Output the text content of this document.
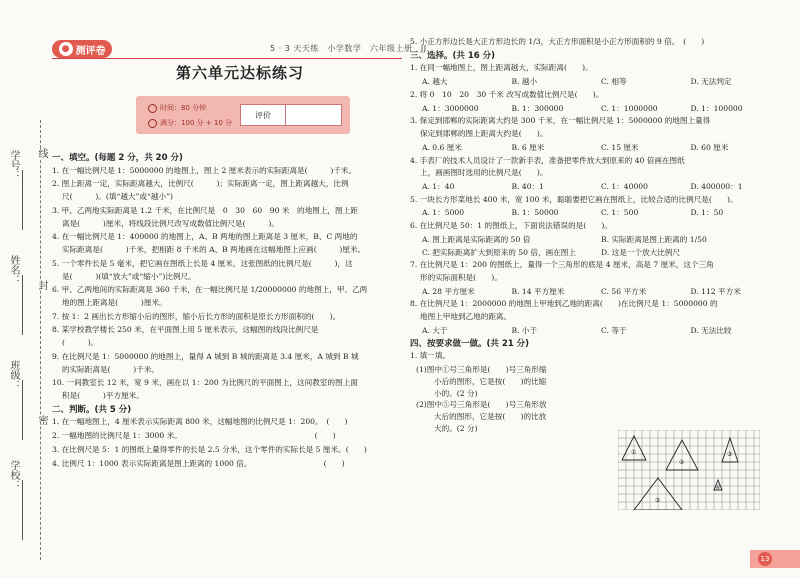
学号：
姓名：
班级：
学校：
线
封
密
● 测评卷	5 · 3 天天练　小学数学　六年级上册　JJ
第六单元达标练习
时间：80 分钟
满分：100 分 + 10 分
评价
一、填空。(每题 2 分，共 20 分)
1. 在一幅比例尺是 1：5000000 的地图上，图上 2 厘米表示的实际距离是(　　　)千米。
2. 图上距离一定，实际距离越大，比例尺(　　　)；实际距离一定，图上距离越大，比例
尺(　　　)。(填“越大”或“越小”)
3. 甲、乙两地实际距离是 1.2 千米，在比例尺是　0　30　60　90 米　的地图上，图上距
离是(　　　)厘米，将线段比例尺改写成数值比例尺是(　　　)。
4. 在一幅比例尺是 1：400000 的地图上，A、B 两地的图上距离是 3 厘米，B、C 两地的
实际距离是(　　　)千米，把相距 8 千米的 A、B 两地画在这幅地图上应画(　　　)厘米。
5. 一个零件长是 5 毫米，把它画在图纸上长是 4 厘米，这张图纸的比例尺是(　　　)，这
是(　　　)(填“放大”或“缩小”)比例尺。
6. 甲、乙两地间的实际距离是 360 千米，在一幅比例尺是 1/20000000 的地图上，甲、乙两
地的图上距离是(　　　)厘米。
7. 按 1：2 画出长方形缩小后的图形，缩小后长方形的面积是原长方形面积的(　　)。
8. 某学校教学楼长 250 米，在平面图上用 5 厘米表示，这幅图的线段比例尺是
(　　　)。
9. 在比例尺是 1：5000000 的地图上，量得 A 城到 B 城的距离是 3.4 厘米，A 城到 B 城
的实际距离是(　　　)千米。
10. 一间教室长 12 米，宽 9 米，画在以 1：200 为比例尺的平面图上，这间教室的图上面
积是(　　　)平方厘米。
二、判断。(共 5 分)
1. 在一幅地图上，4 厘米表示实际距离 800 米，这幅地图的比例尺是 1：200。　(　　)
2. 一幅地图的比例尺是 1：3000 米。　　　　　　　　　　　　　　　　　　(　　)
3. 在比例尺是 5：1 的图纸上量得零件的长是 2.5 分米，这个零件的实际长是 5 厘米。(　　)
4. 比例尺 1：1000 表示实际距离是图上距离的 1000 倍。　　　　　　　　　　(　　)
5. 小正方形边长是大正方形边长的 1/3，大正方形面积是小正方形面积的 9 倍。　(　　)
三、选择。(共 16 分)
1. 在同一幅地图上，图上距离越大，实际距离(　　)。
A. 越大	B. 越小	C. 相等	D. 无法判定
2. 将 0　10　20　30 千米 改写成数值比例尺是(　　)。
A. 1：3000000	B. 1：300000	C. 1：1000000	D. 1：100000
3. 保定到邯郸的实际距离大约是 300 千米，在一幅比例尺是 1：5000000 的地图上量得
保定到邯郸的图上距离大约是(　　)。
A. 0.6 厘米	B. 6 厘米	C. 15 厘米	D. 60 厘米
4. 手表厂的技术人员设计了一款新手表，准备把零件放大到原来的 40 倍画在图纸
上，画画图时选用的比例尺是(　　)。
A. 1：40	B. 40：1	C. 1：40000	D. 400000：1
5. 一块长方形菜地长 400 米，宽 100 米，聪聪要把它画在图纸上，比较合适的比例尺是(　　)。
A. 1：5000	B. 1：50000	C. 1：500	D. 1：50
6. 在比例尺是 50：1 的图纸上，下面说法错误的是(　　)。
A. 图上距离是实际距离的 50 倍	B. 实际距离是图上距离的 1/50
C. 把实际距离扩大到原来的 50 倍，画在图上	D. 这是一个放大比例尺
7. 在比例尺是 1：200 的图纸上，量得一个三角形的底是 4 厘米，高是 7 厘米，这个三角
形的实际面积是(　　)。
A. 28 平方厘米	B. 14 平方厘米	C. 56 平方米	D. 112 平方米
8. 在比例尺是 1：2000000 的地图上甲地到乙地的距离(　　)在比例尺是 1：5000000 的
地图上甲地到乙地的距离。
A. 大于	B. 小于	C. 等于	D. 无法比较
四、按要求做一做。(共 21 分)
1. 填一填。
(1)图中①号三角形是(　　)号三角形缩
小后的图形，它是按(　　)的比缩
小的。(2 分)
(2)图中⑤号三角形是(　　)号三角形放
大后的图形，它是按(　　)的比放
大的。(2 分)
①
②
③
④
⑤
13
